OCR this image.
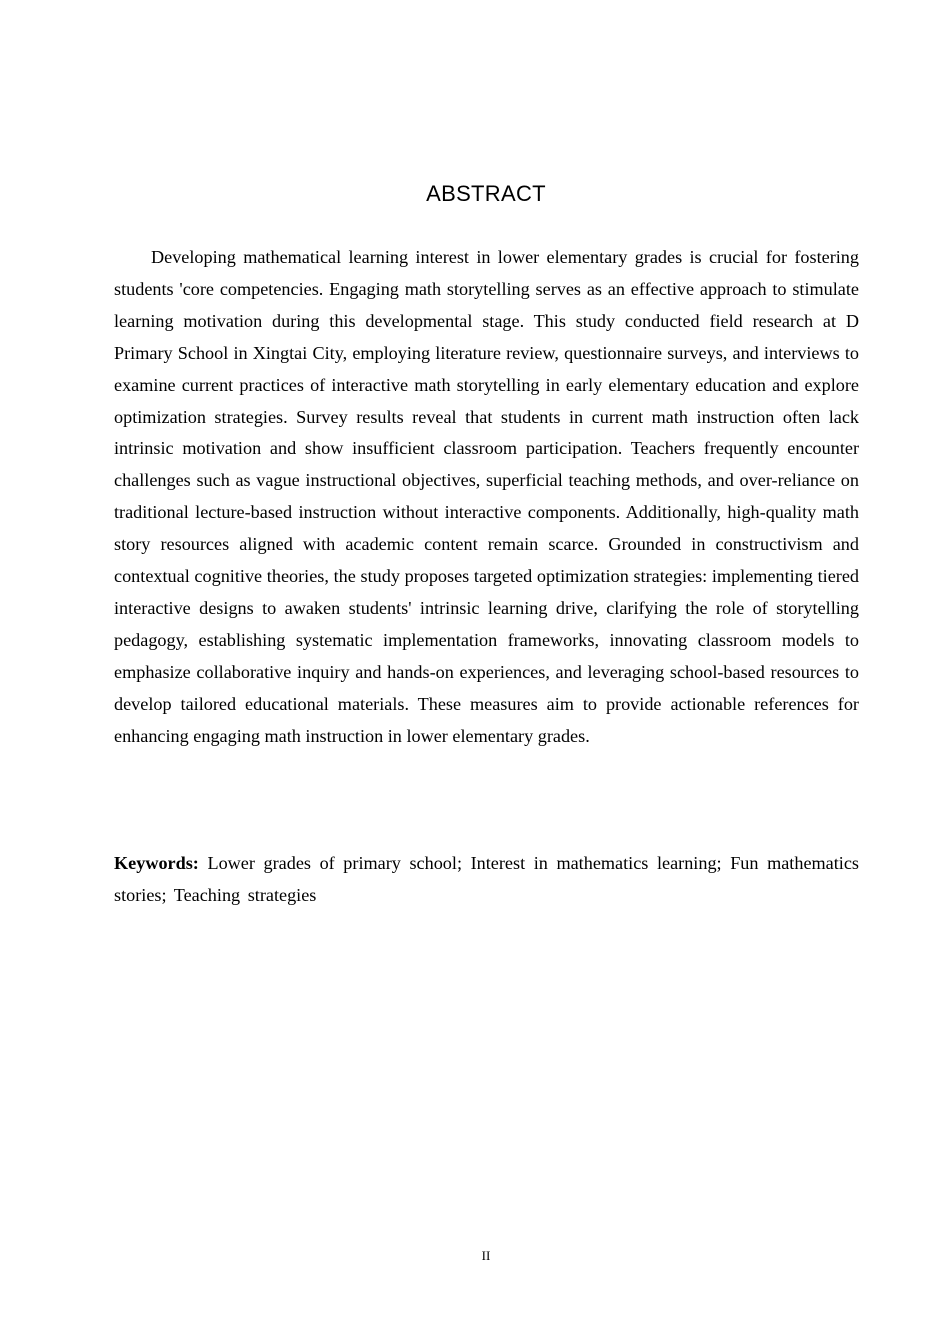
ABSTRACT

Developing mathematical learning interest in lower elementary grades is crucial for fostering students 'core competencies. Engaging math storytelling serves as an effective approach to stimulate learning motivation during this developmental stage. This study conducted field research at D Primary School in Xingtai City, employing literature review, questionnaire surveys, and interviews to examine current practices of interactive math storytelling in early elementary education and explore optimization strategies. Survey results reveal that students in current math instruction often lack intrinsic motivation and show insufficient classroom participation. Teachers frequently encounter challenges such as vague instructional objectives, superficial teaching methods, and over-reliance on traditional lecture-based instruction without interactive components. Additionally, high-quality math story resources aligned with academic content remain scarce. Grounded in constructivism and contextual cognitive theories, the study proposes targeted optimization strategies: implementing tiered interactive designs to awaken students' intrinsic learning drive, clarifying the role of storytelling pedagogy, establishing systematic implementation frameworks, innovating classroom models to emphasize collaborative inquiry and hands-on experiences, and leveraging school-based resources to develop tailored educational materials. These measures aim to provide actionable references for enhancing engaging math instruction in lower elementary grades.

Keywords: Lower grades of primary school; Interest in mathematics learning; Fun mathematics stories; Teaching strategies

II
